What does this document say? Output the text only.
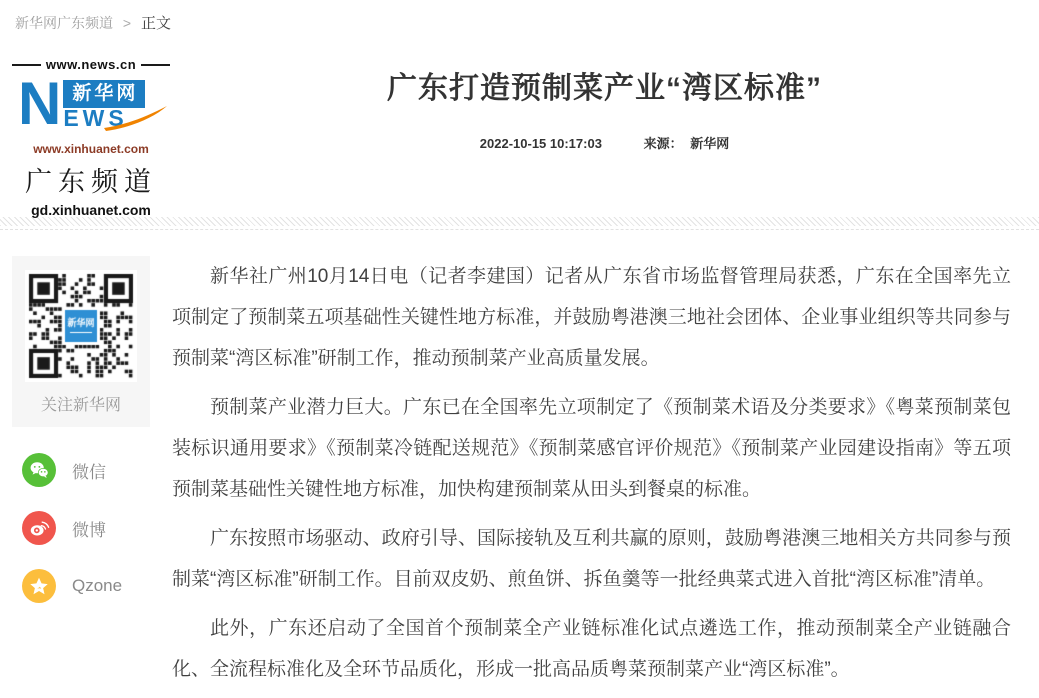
新华网广东频道 > 正文
www.news.cn
N 新华网
EWS
www.xinhuanet.com
广东频道
gd.xinhuanet.com
广东打造预制菜产业“湾区标准”
2022-10-15 10:17:03	来源： 新华网
关注新华网
微信
微博
Qzone

新华社广州10月14日电（记者李建国）记者从广东省市场监督管理局获悉，广东在全国率先立项制定了预制菜五项基础性关键性地方标准，并鼓励粤港澳三地社会团体、企业事业组织等共同参与预制菜“湾区标准”研制工作，推动预制菜产业高质量发展。

预制菜产业潜力巨大。广东已在全国率先立项制定了《预制菜术语及分类要求》《粤菜预制菜包装标识通用要求》《预制菜冷链配送规范》《预制菜感官评价规范》《预制菜产业园建设指南》等五项预制菜基础性关键性地方标准，加快构建预制菜从田头到餐桌的标准。

广东按照市场驱动、政府引导、国际接轨及互利共赢的原则，鼓励粤港澳三地相关方共同参与预制菜“湾区标准”研制工作。目前双皮奶、煎鱼饼、拆鱼羹等一批经典菜式进入首批“湾区标准”清单。

此外，广东还启动了全国首个预制菜全产业链标准化试点遴选工作，推动预制菜全产业链融合化、全流程标准化及全环节品质化，形成一批高品质粤菜预制菜产业“湾区标准”。
